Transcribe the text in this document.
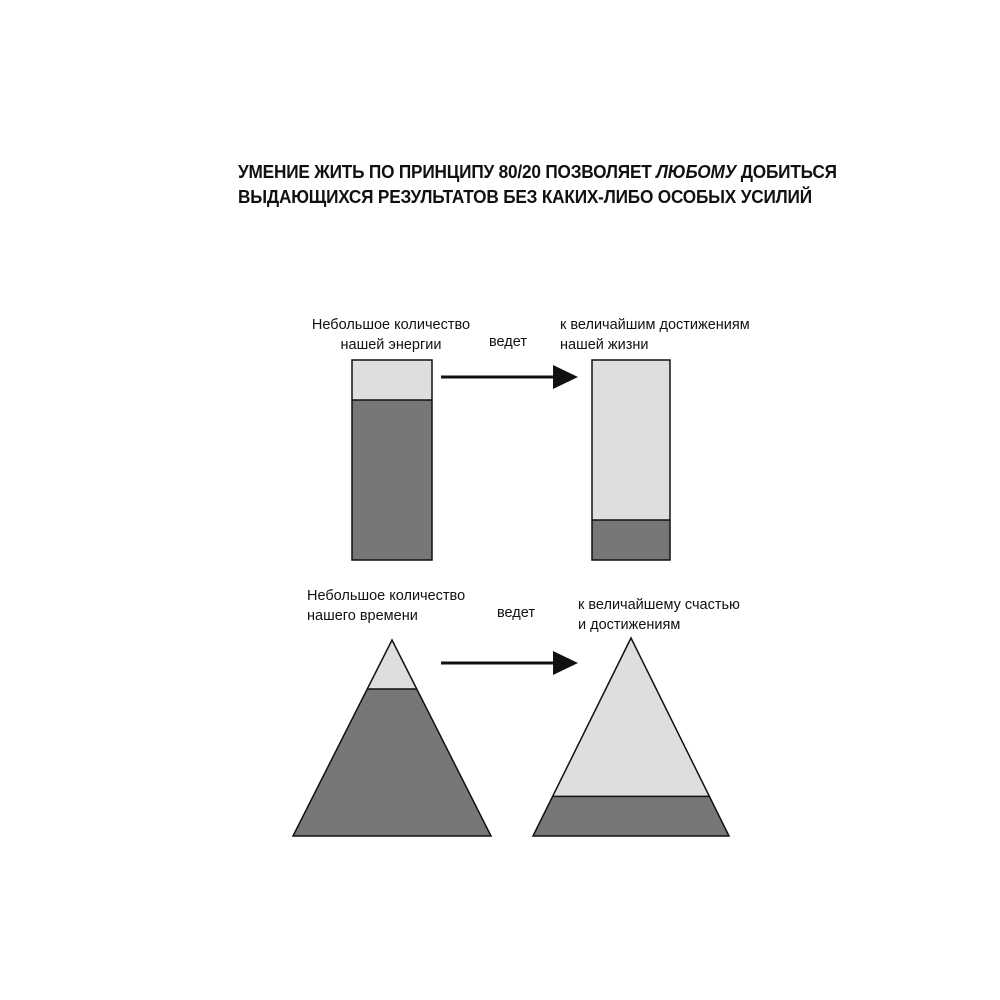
УМЕНИЕ ЖИТЬ ПО ПРИНЦИПУ 80/20 ПОЗВОЛЯЕТ ЛЮБОМУ ДОБИТЬСЯ
ВЫДАЮЩИХСЯ РЕЗУЛЬТАТОВ БЕЗ КАКИХ-ЛИБО ОСОБЫХ УСИЛИЙ
Небольшое количество
нашей энергии	ведет
к величайшим достижениям
нашей жизни
Небольшое количество
нашего времени	ведет	к величайшему счастью
и достижениям
